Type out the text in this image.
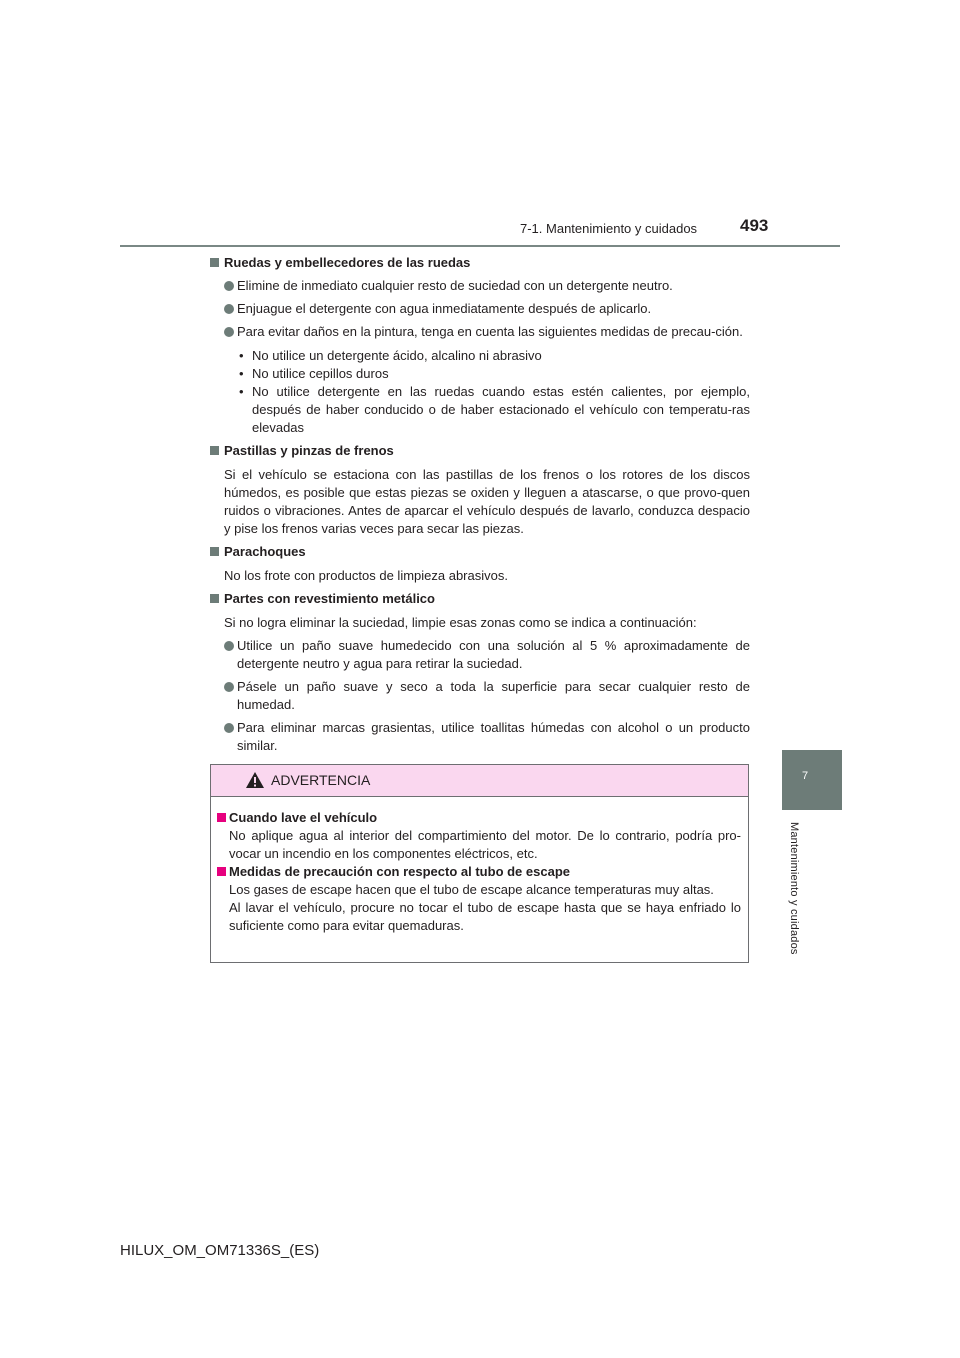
7-1. Mantenimiento y cuidados	493
7
Mantenimiento y cuidados

Ruedas y embellecedores de las ruedas

Elimine de inmediato cualquier resto de suciedad con un detergente neutro.

Enjuague el detergente con agua inmediatamente después de aplicarlo.

Para evitar daños en la pintura, tenga en cuenta las siguientes medidas de precau-ción.

• No utilice un detergente ácido, alcalino ni abrasivo

• No utilice cepillos duros

• No utilice detergente en las ruedas cuando estas estén calientes, por ejemplo, después de haber conducido o de haber estacionado el vehículo con temperatu-ras elevadas

Pastillas y pinzas de frenos

Si el vehículo se estaciona con las pastillas de los frenos o los rotores de los discos húmedos, es posible que estas piezas se oxiden y lleguen a atascarse, o que provo-quen ruidos o vibraciones. Antes de aparcar el vehículo después de lavarlo, conduzca despacio y pise los frenos varias veces para secar las piezas.

Parachoques

No los frote con productos de limpieza abrasivos.

Partes con revestimiento metálico

Si no logra eliminar la suciedad, limpie esas zonas como se indica a continuación:

Utilice un paño suave humedecido con una solución al 5 % aproximadamente de detergente neutro y agua para retirar la suciedad.

Pásele un paño suave y seco a toda la superficie para secar cualquier resto de humedad.

Para eliminar marcas grasientas, utilice toallitas húmedas con alcohol o un producto similar.

ADVERTENCIA

Cuando lave el vehículo

No aplique agua al interior del compartimiento del motor. De lo contrario, podría pro-vocar un incendio en los componentes eléctricos, etc.

Medidas de precaución con respecto al tubo de escape

Los gases de escape hacen que el tubo de escape alcance temperaturas muy altas.

Al lavar el vehículo, procure no tocar el tubo de escape hasta que se haya enfriado lo suficiente como para evitar quemaduras.

HILUX_OM_OM71336S_(ES)
